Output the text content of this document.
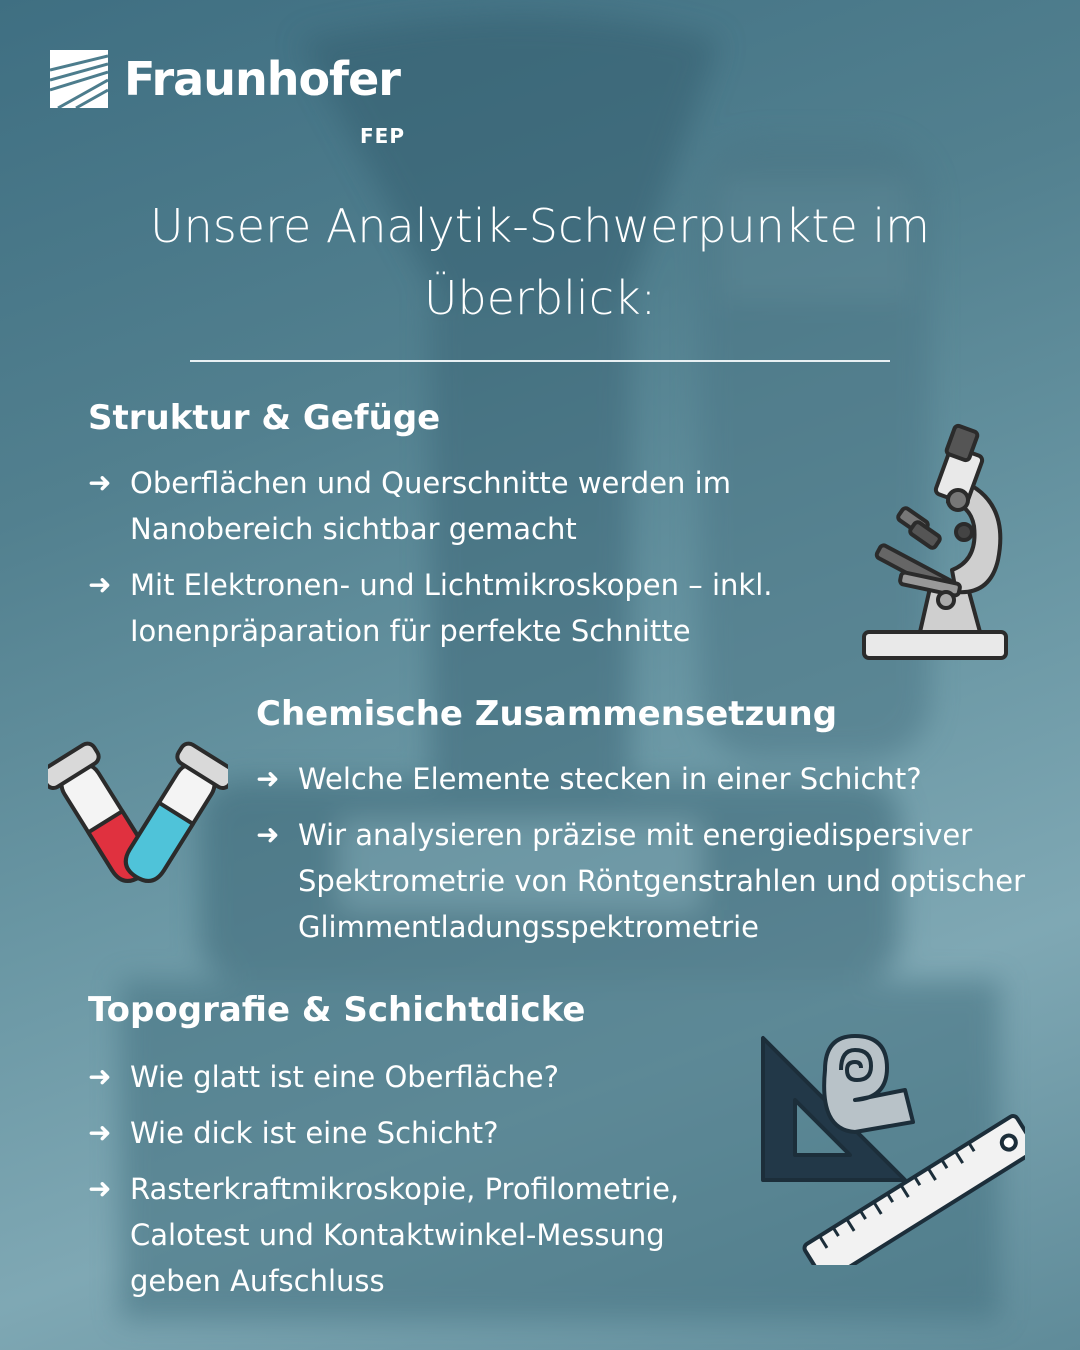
Fraunhofer
FEP
Unsere Analytik-Schwerpunkte im
Überblick:
Struktur & Gefüge
➜ Oberflächen und Querschnitte werden im Nanobereich sichtbar gemacht
➜ Mit Elektronen- und Lichtmikroskopen – inkl. Ionenpräparation für perfekte Schnitte
Chemische Zusammensetzung
➜ Welche Elemente stecken in einer Schicht?
➜ Wir analysieren präzise mit energiedispersiver Spektrometrie von Röntgenstrahlen und optischer Glimmentladungsspektrometrie
Topografie & Schichtdicke
➜ Wie glatt ist eine Oberfläche?
➜ Wie dick ist eine Schicht?
➜ Rasterkraftmikroskopie, Profilometrie, Calotest und Kontaktwinkel-Messung geben Aufschluss
